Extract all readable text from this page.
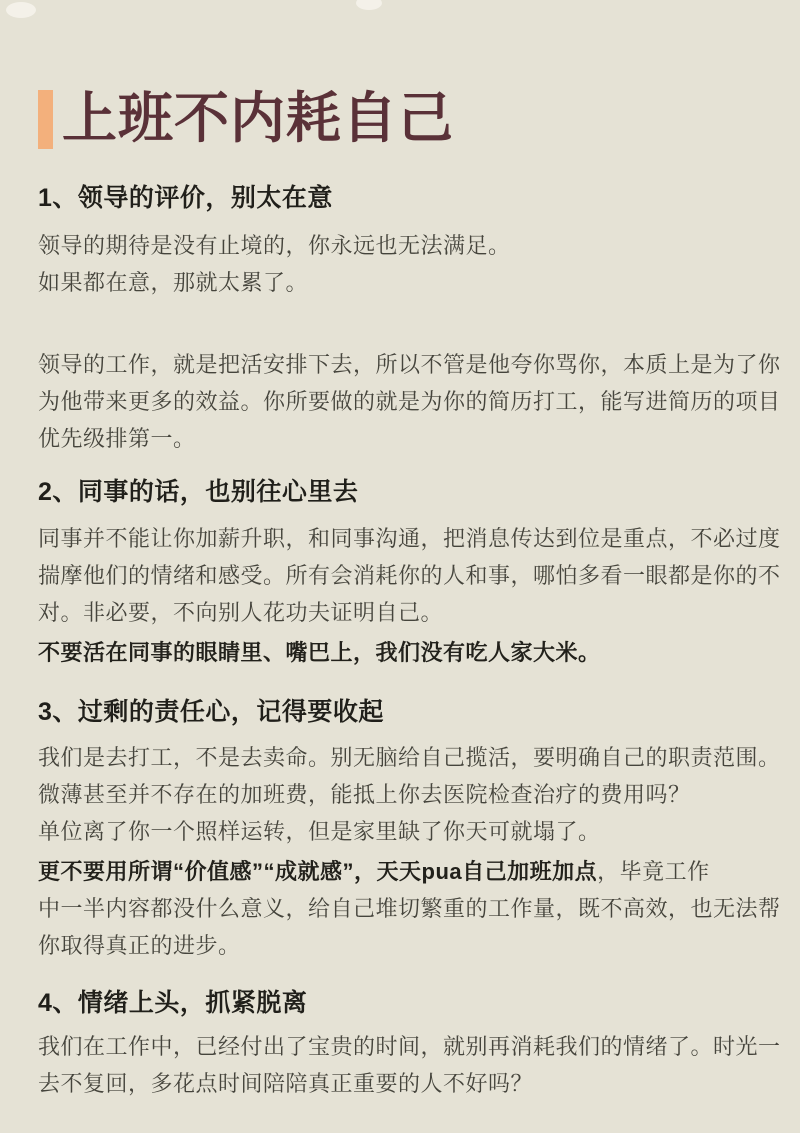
上班不内耗自己
1、领导的评价，别太在意
领导的期待是没有止境的，你永远也无法满足。
如果都在意，那就太累了。
领导的工作，就是把活安排下去，所以不管是他夸你骂你，本质上是为了你
为他带来更多的效益。你所要做的就是为你的简历打工，能写进简历的项目
优先级排第一。
2、同事的话，也别往心里去
同事并不能让你加薪升职，和同事沟通，把消息传达到位是重点，不必过度
揣摩他们的情绪和感受。所有会消耗你的人和事，哪怕多看一眼都是你的不
对。非必要，不向别人花功夫证明自己。
不要活在同事的眼睛里、嘴巴上，我们没有吃人家大米。
3、过剩的责任心，记得要收起
我们是去打工，不是去卖命。别无脑给自己揽活，要明确自己的职责范围。
微薄甚至并不存在的加班费，能抵上你去医院检查治疗的费用吗？
单位离了你一个照样运转，但是家里缺了你天可就塌了。
更不要用所谓“价值感”“成就感”，天天pua自己加班加点，毕竟工作
中一半内容都没什么意义，给自己堆切繁重的工作量，既不高效，也无法帮
你取得真正的进步。
4、情绪上头，抓紧脱离
我们在工作中，已经付出了宝贵的时间，就别再消耗我们的情绪了。时光一
去不复回，多花点时间陪陪真正重要的人不好吗？
